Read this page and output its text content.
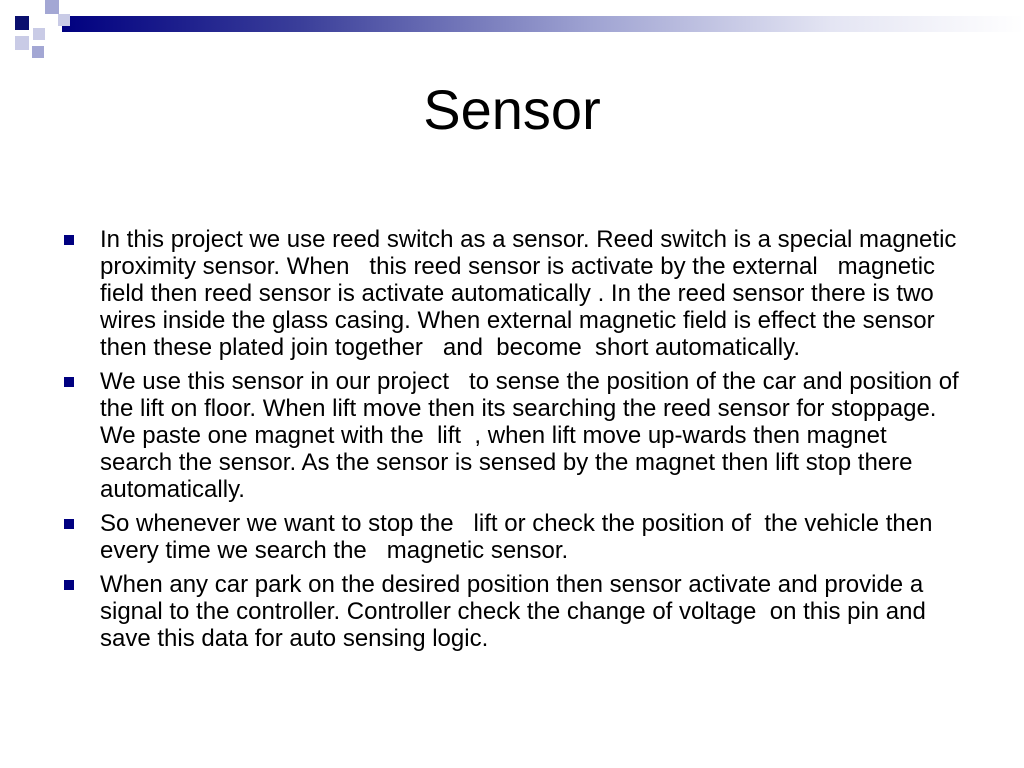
Sensor
In this project we use reed switch as a sensor. Reed switch is a special magnetic proximity sensor. When   this reed sensor is activate by the external   magnetic field then reed sensor is activate automatically . In the reed sensor there is two wires inside the glass casing. When external magnetic field is effect the sensor then these plated join together   and  become  short automatically.
We use this sensor in our project   to sense the position of the car and position of the lift on floor. When lift move then its searching the reed sensor for stoppage.  We paste one magnet with the  lift  , when lift move up-wards then magnet search the sensor. As the sensor is sensed by the magnet then lift stop there automatically.
So whenever we want to stop the   lift or check the position of  the vehicle then  every time we search the   magnetic sensor.
When any car park on the desired position then sensor activate and provide a signal to the controller. Controller check the change of voltage  on this pin and    save this data for auto sensing logic.
